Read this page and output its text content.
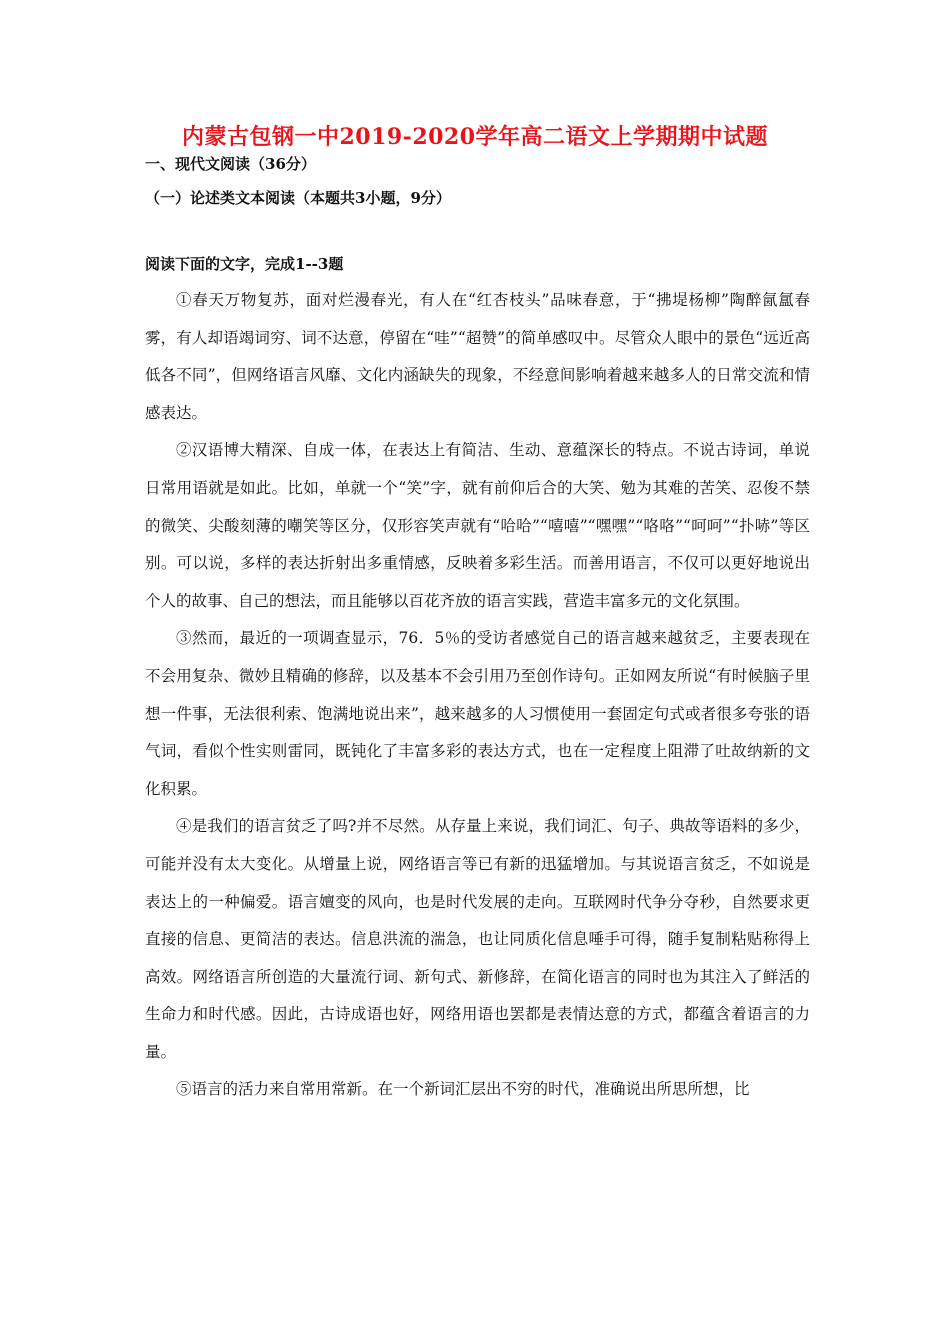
内蒙古包钢一中2019-2020学年高二语文上学期期中试题
一、现代文阅读（36分）
（一）论述类文本阅读（本题共3小题，9分）
阅读下面的文字，完成1--3题

①春天万物复苏，面对烂漫春光，有人在“红杏枝头”品味春意，于“拂堤杨柳”陶醉氤氲春雾，有人却语竭词穷、词不达意，停留在“哇”“超赞”的简单感叹中。尽管众人眼中的景色“远近高低各不同”，但网络语言风靡、文化内涵缺失的现象，不经意间影响着越来越多人的日常交流和情感表达。

②汉语博大精深、自成一体，在表达上有简洁、生动、意蕴深长的特点。不说古诗词，单说日常用语就是如此。比如，单就一个“笑”字，就有前仰后合的大笑、勉为其难的苦笑、忍俊不禁的微笑、尖酸刻薄的嘲笑等区分，仅形容笑声就有“哈哈”“嘻嘻”“嘿嘿”“咯咯”“呵呵”“扑哧”等区别。可以说，多样的表达折射出多重情感，反映着多彩生活。而善用语言，不仅可以更好地说出个人的故事、自己的想法，而且能够以百花齐放的语言实践，营造丰富多元的文化氛围。

③然而，最近的一项调查显示，76．5％的受访者感觉自己的语言越来越贫乏，主要表现在不会用复杂、微妙且精确的修辞，以及基本不会引用乃至创作诗句。正如网友所说“有时候脑子里想一件事，无法很利索、饱满地说出来”，越来越多的人习惯使用一套固定句式或者很多夸张的语气词，看似个性实则雷同，既钝化了丰富多彩的表达方式，也在一定程度上阻滞了吐故纳新的文化积累。

④是我们的语言贫乏了吗?并不尽然。从存量上来说，我们词汇、句子、典故等语料的多少，可能并没有太大变化。从增量上说，网络语言等已有新的迅猛增加。与其说语言贫乏，不如说是表达上的一种偏爱。语言嬗变的风向，也是时代发展的走向。互联网时代争分夺秒，自然要求更直接的信息、更简洁的表达。信息洪流的湍急，也让同质化信息唾手可得，随手复制粘贴称得上高效。网络语言所创造的大量流行词、新句式、新修辞，在简化语言的同时也为其注入了鲜活的生命力和时代感。因此，古诗成语也好，网络用语也罢都是表情达意的方式，都蕴含着语言的力量。

⑤语言的活力来自常用常新。在一个新词汇层出不穷的时代，准确说出所思所想，比
